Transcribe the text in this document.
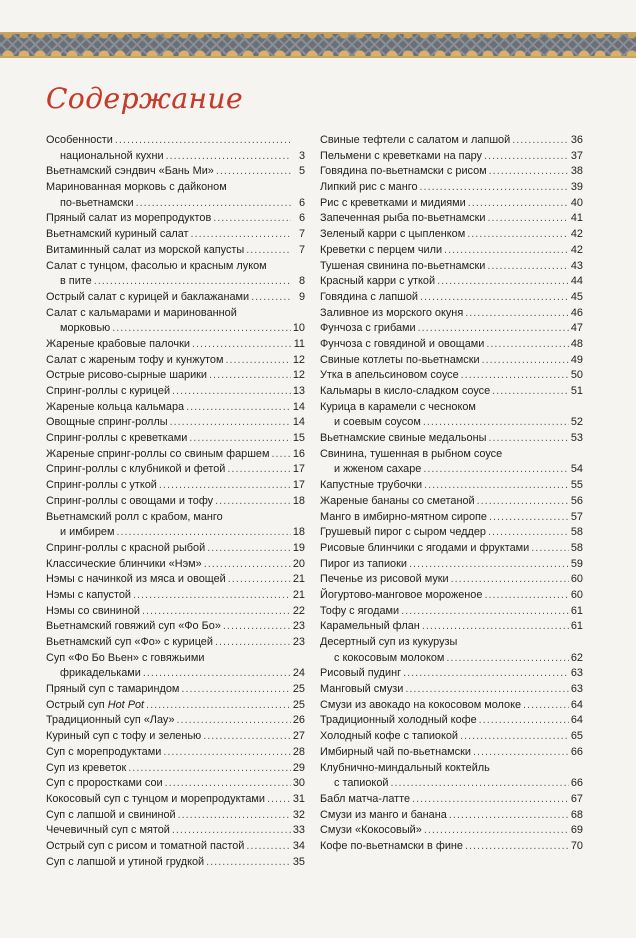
Содержание
Особенности
.....
национальной кухни .....	3
Вьетнамский сэндвич «Бань Ми» .....	5
Маринованная морковь с дайконом
по-вьетнамски .....	6
Пряный салат из морепродуктов .....	6
Вьетнамский куриный салат .....	7
Витаминный салат из морской капусты .....	7
Салат с тунцом, фасолью и красным луком
в пите .....	8
Острый салат с курицей и баклажанами .....	9
Салат с кальмарами и маринованной
морковью .....	10
Жареные крабовые палочки .....	11
Салат с жареным тофу и кунжутом .....	12
Острые рисово-сырные шарики .....	12
Спринг-роллы с курицей .....	13
Жареные кольца кальмара .....	14
Овощные спринг-роллы .....	14
Спринг-роллы с креветками .....	15
Жареные спринг-роллы со свиным фаршем ..... 16
Спринг-роллы с клубникой и фетой .....	17
Спринг-роллы с уткой .....	17
Спринг-роллы с овощами и тофу .....	18
Вьетнамский ролл с крабом, манго
и имбирем .....	18
Спринг-роллы с красной рыбой .....	19
Классические блинчики «Нэм» .....	20
Нэмы с начинкой из мяса и овощей .....	21
Нэмы с капустой .....	21
Нэмы со свининой .....	22
Вьетнамский говяжий суп «Фо Бо» .....	23
Вьетнамский суп «Фо» с курицей .....	23
Суп «Фо Бо Вьен» с говяжьими
фрикадельками .....	24
Пряный суп с тамариндом .....	25
Острый суп Hot Pot .....	25
Традиционный суп «Лау» .....	26
Куриный суп с тофу и зеленью .....	27
Суп с морепродуктами .....	28
Суп из креветок .....	29
Суп с проростками сои .....	30
Кокосовый суп с тунцом и морепродуктами .....	31
Суп с лапшой и свининой .....	32
Чечевичный суп с мятой .....	33
Острый суп с рисом и томатной пастой .....	34
Суп с лапшой и утиной грудкой .....	35
Свиные тефтели с салатом и лапшой .....	36
Пельмени с креветками на пару .....	37
Говядина по-вьетнамски с рисом .....	38
Липкий рис с манго .....	39
Рис с креветками и мидиями .....	40
Запеченная рыба по-вьетнамски .....	41
Зеленый карри с цыпленком .....	42
Креветки с перцем чили .....	42
Тушеная свинина по-вьетнамски .....	43
Красный карри с уткой .....	44
Говядина с лапшой .....	45
Заливное из морского окуня .....	46
Фунчоза с грибами .....	47
Фунчоза с говядиной и овощами .....	48
Свиные котлеты по-вьетнамски .....	49
Утка в апельсиновом соусе .....	50
Кальмары в кисло-сладком соусе .....	51
Курица в карамели с чесноком
и соевым соусом .....	52
Вьетнамские свиные медальоны .....	53
Свинина, тушенная в рыбном соусе
и жженом сахаре .....	54
Капустные трубочки .....	55
Жареные бананы со сметаной .....	56
Манго в имбирно-мятном сиропе .....	57
Грушевый пирог с сыром чеддер .....	58
Рисовые блинчики с ягодами и фруктами .....	58
Пирог из тапиоки .....	59
Печенье из рисовой муки .....	60
Йогуртово-манговое мороженое .....	60
Тофу с ягодами .....	61
Карамельный флан .....	61
Десертный суп из кукурузы
с кокосовым молоком .....	62
Рисовый пудинг .....	63
Манговый смузи .....	63
Смузи из авокадо на кокосовом молоке .....	64
Традиционный холодный кофе .....	64
Холодный кофе с тапиокой .....	65
Имбирный чай по-вьетнамски .....	66
Клубнично-миндальный коктейль
с тапиокой .....	66
Бабл матча-латте .....	67
Смузи из манго и банана .....	68
Смузи «Кокосовый» .....	69
Кофе по-вьетнамски в фине .....	70
